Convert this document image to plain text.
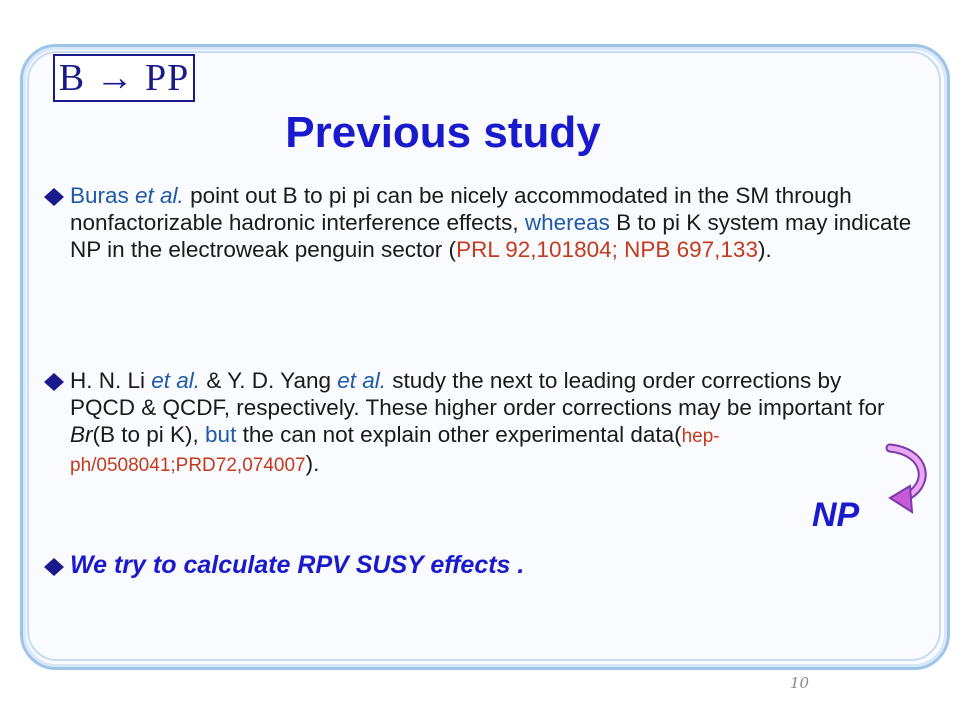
B → PP
Previous study
Buras et al. point out B to pi pi can be nicely accommodated in the SM through nonfactorizable hadronic interference effects, whereas B to pi K system may indicate NP in the electroweak penguin sector (PRL 92,101804; NPB 697,133).
H. N. Li et al. & Y. D. Yang et al. study the next to leading order corrections by PQCD & QCDF, respectively. These higher order corrections may be important for Br(B to pi K), but the can not explain other experimental data(hep-ph/0508041;PRD72,074007).
NP
We try to calculate RPV SUSY effects .
10
